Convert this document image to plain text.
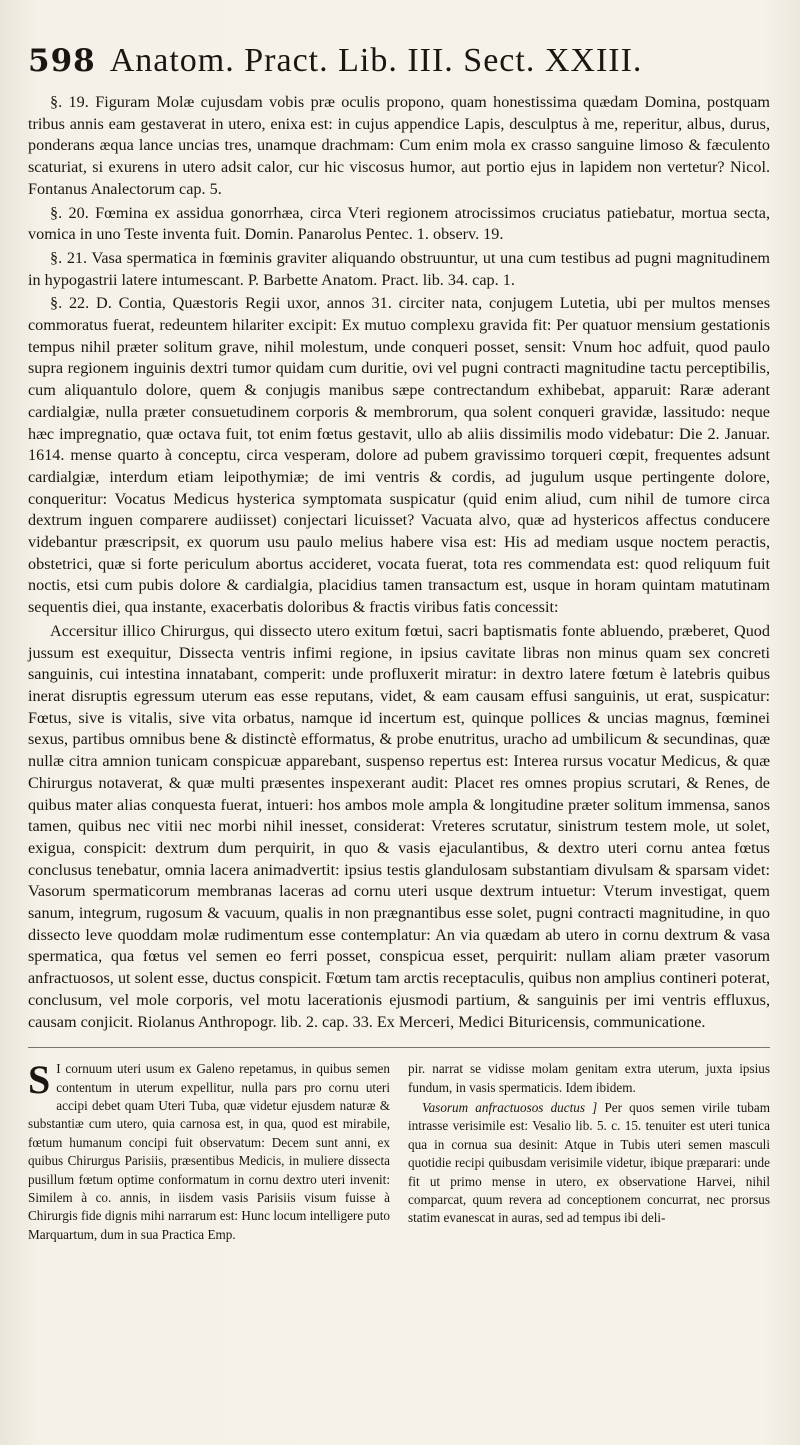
598 Anatom. Pract. Lib. III. Sect. XXIII.

§. 19. Figuram Molæ cujusdam vobis præ oculis propono, quam honestissima quædam Domina, postquam tribus annis eam gestaverat in utero, enixa est: in cujus appendice Lapis, desculptus à me, reperitur, albus, durus, ponderans æqua lance uncias tres, unamque drachmam: Cum enim mola ex crasso sanguine limoso & fæculento scaturiat, si exurens in utero adsit calor, cur hic viscosus humor, aut portio ejus in lapidem non vertetur? Nicol. Fontanus Analectorum cap. 5.

§. 20. Fœmina ex assidua gonorrhæa, circa Vteri regionem atrocissimos cruciatus patiebatur, mortua secta, vomica in uno Teste inventa fuit. Domin. Panarolus Pentec. 1. observ. 19.

§. 21. Vasa spermatica in fœminis graviter aliquando obstruuntur, ut una cum testibus ad pugni magnitudinem in hypogastrii latere intumescant. P. Barbette Anatom. Pract. lib. 34. cap. 1.

§. 22. D. Contia, Quæstoris Regii uxor, annos 31. circiter nata, conjugem Lutetia, ubi per multos menses commoratus fuerat, redeuntem hilariter excipit: Ex mutuo complexu gravida fit: Per quatuor mensium gestationis tempus nihil præter solitum grave, nihil molestum, unde conqueri posset, sensit: Vnum hoc adfuit, quod paulo supra regionem inguinis dextri tumor quidam cum duritie, ovi vel pugni contracti magnitudine tactu perceptibilis, cum aliquantulo dolore, quem & conjugis manibus sæpe contrectandum exhibebat, apparuit: Raræ aderant cardialgiæ, nulla præter consuetudinem corporis & membrorum, qua solent conqueri gravidæ, lassitudo: neque hæc impregnatio, quæ octava fuit, tot enim fœtus gestavit, ullo ab aliis dissimilis modo videbatur: Die 2. Januar. 1614. mense quarto à conceptu, circa vesperam, dolore ad pubem gravissimo torqueri cœpit, frequentes adsunt cardialgiæ, interdum etiam leipothymiæ; de imi ventris & cordis, ad jugulum usque pertingente dolore, conqueritur: Vocatus Medicus hysterica symptomata suspicatur (quid enim aliud, cum nihil de tumore circa dextrum inguen comparere audiisset) conjectari licuisset? Vacuata alvo, quæ ad hystericos affectus conducere videbantur præscripsit, ex quorum usu paulo melius habere visa est: His ad mediam usque noctem peractis, obstetrici, quæ si forte periculum abortus accideret, vocata fuerat, tota res commendata est: quod reliquum fuit noctis, etsi cum pubis dolore & cardialgia, placidius tamen transactum est, usque in horam quintam matutinam sequentis diei, qua instante, exacerbatis doloribus & fractis viribus fatis concessit:

Accersitur illico Chirurgus, qui dissecto utero exitum fœtui, sacri baptismatis fonte abluendo, præberet, Quod jussum est exequitur, Dissecta ventris infimi regione, in ipsius cavitate libras non minus quam sex concreti sanguinis, cui intestina innatabant, comperit: unde profluxerit miratur: in dextro latere fœtum è latebris quibus inerat disruptis egressum uterum eas esse reputans, videt, & eam causam effusi sanguinis, ut erat, suspicatur: Fœtus, sive is vitalis, sive vita orbatus, namque id incertum est, quinque pollices & uncias magnus, fœminei sexus, partibus omnibus bene & distinctè efformatus, & probe enutritus, uracho ad umbilicum & secundinas, quæ nullæ citra amnion tunicam conspicuæ apparebant, suspenso repertus est: Interea rursus vocatur Medicus, & quæ Chirurgus notaverat, & quæ multi præsentes inspexerant audit: Placet res omnes propius scrutari, & Renes, de quibus mater alias conquesta fuerat, intueri: hos ambos mole ampla & longitudine præter solitum immensa, sanos tamen, quibus nec vitii nec morbi nihil inesset, considerat: Vreteres scrutatur, sinistrum testem mole, ut solet, exigua, conspicit: dextrum dum perquirit, in quo & vasis ejaculantibus, & dextro uteri cornu antea fœtus conclusus tenebatur, omnia lacera animadvertit: ipsius testis glandulosam substantiam divulsam & sparsam videt: Vasorum spermaticorum membranas laceras ad cornu uteri usque dextrum intuetur: Vterum investigat, quem sanum, integrum, rugosum & vacuum, qualis in non prægnantibus esse solet, pugni contracti magnitudine, in quo dissecto leve quoddam molæ rudimentum esse contemplatur: An via quædam ab utero in cornu dextrum & vasa spermatica, qua fœtus vel semen eo ferri posset, conspicua esset, perquirit: nullam aliam præter vasorum anfractuosos, ut solent esse, ductus conspicit. Fœtum tam arctis receptaculis, quibus non amplius contineri poterat, conclusum, vel mole corporis, vel motu lacerationis ejusmodi partium, & sanguinis per imi ventris effluxus, causam conjicit. Riolanus Anthropogr. lib. 2. cap. 33. Ex Merceri, Medici Bituricensis, communicatione.

S I cornuum uteri usum ex Galeno repetamus, in quibus semen contentum in uterum expellitur, nulla pars pro cornu uteri accipi debet quam Uteri Tuba, quæ videtur ejusdem naturæ & substantiæ cum utero, quia carnosa est, in qua, quod est mirabile, fœtum humanum concipi fuit observatum: Decem sunt anni, ex quibus Chirurgus Parisiis, præsentibus Medicis, in muliere dissecta pusillum fœtum optime conformatum in cornu dextro uteri invenit: Similem à co. annis, in iisdem vasis Parisiis visum fuisse à Chirurgis fide dignis mihi narrarum est: Hunc locum intelligere puto Marquartum, dum in sua Practica Emp.

pir. narrat se vidisse molam genitam extra uterum, juxta ipsius fundum, in vasis spermaticis. Idem ibidem.

Vasorum anfractuosos ductus ] Per quos semen virile tubam intrasse verisimile est: Vesalio lib. 5. c. 15. tenuiter est uteri tunica qua in cornua sua desinit: Atque in Tubis uteri semen masculi quotidie recipi quibusdam verisimile videtur, ibique præparari: unde fit ut primo mense in utero, ex observatione Harvei, nihil comparcat, quum revera ad conceptionem concurrat, nec prorsus statim evanescat in auras, sed ad tempus ibi deli-
